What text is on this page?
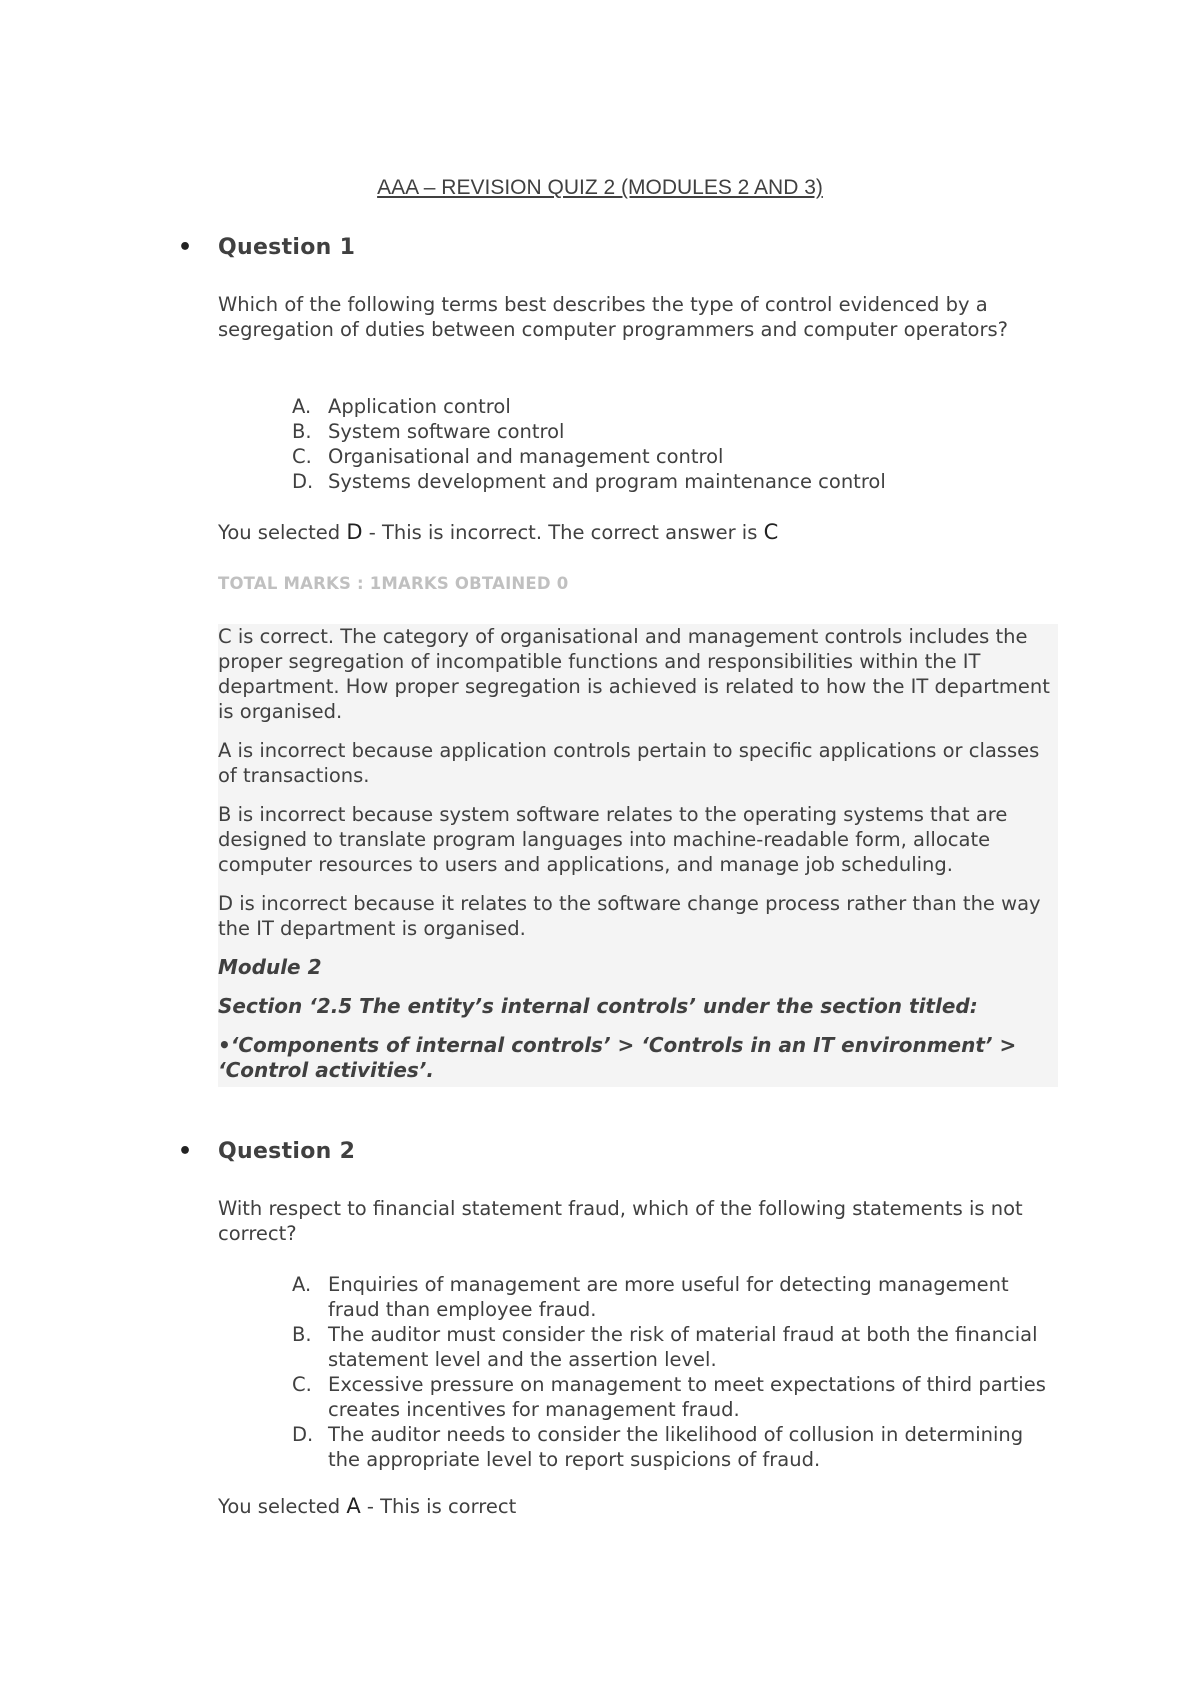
AAA – REVISION QUIZ 2 (MODULES 2 AND 3)
• Question 1

Which of the following terms best describes the type of control evidenced by a segregation of duties between computer programmers and computer operators?

A. Application control
B. System software control
C. Organisational and management control
D. Systems development and program maintenance control

You selected D - This is incorrect. The correct answer is C

TOTAL MARKS : 1MARKS OBTAINED 0

C is correct. The category of organisational and management controls includes the proper segregation of incompatible functions and responsibilities within the IT department. How proper segregation is achieved is related to how the IT department is organised.

A is incorrect because application controls pertain to specific applications or classes of transactions.

B is incorrect because system software relates to the operating systems that are designed to translate program languages into machine-readable form, allocate computer resources to users and applications, and manage job scheduling.

D is incorrect because it relates to the software change process rather than the way the IT department is organised.

Module 2

Section ‘2.5 The entity’s internal controls’ under the section titled:

•‘Components of internal controls’ > ‘Controls in an IT environment’ > ‘Control activities’.

• Question 2

With respect to financial statement fraud, which of the following statements is not correct?

A. Enquiries of management are more useful for detecting management fraud than employee fraud.
B. The auditor must consider the risk of material fraud at both the financial statement level and the assertion level.
C. Excessive pressure on management to meet expectations of third parties creates incentives for management fraud.
D. The auditor needs to consider the likelihood of collusion in determining the appropriate level to report suspicions of fraud.

You selected A - This is correct
